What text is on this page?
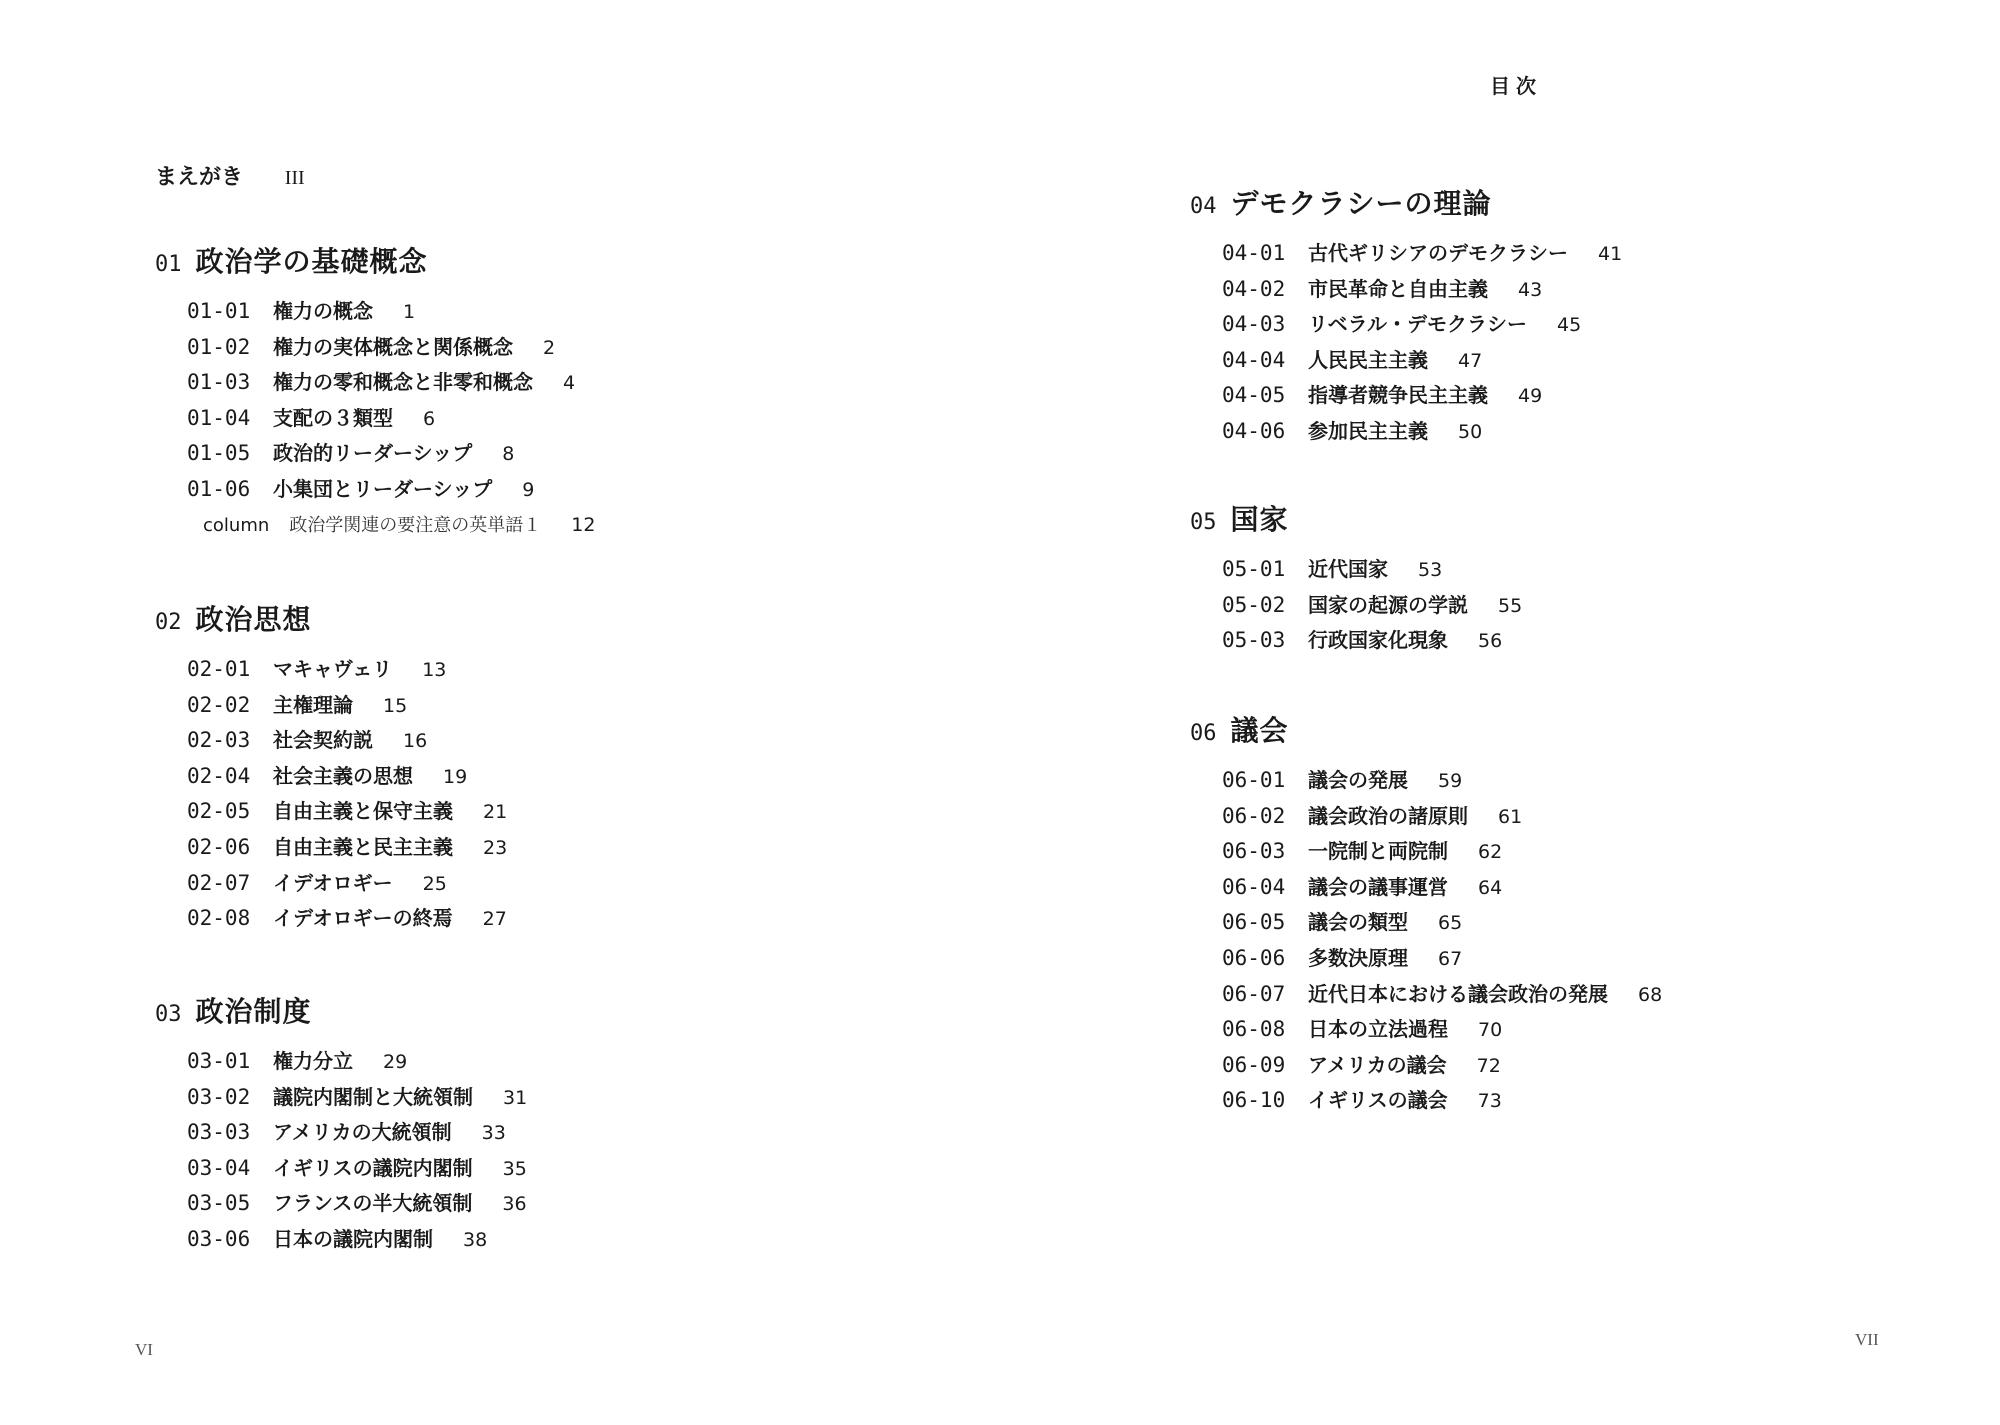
目次
まえがき III
01 政治学の基礎概念
01-01 権力の概念 1
01-02 権力の実体概念と関係概念 2
01-03 権力の零和概念と非零和概念 4
01-04 支配の３類型 6
01-05 政治的リーダーシップ 8
01-06 小集団とリーダーシップ 9
column 政治学関連の要注意の英単語１ 12
02 政治思想
02-01 マキャヴェリ 13
02-02 主権理論 15
02-03 社会契約説 16
02-04 社会主義の思想 19
02-05 自由主義と保守主義 21
02-06 自由主義と民主主義 23
02-07 イデオロギー 25
02-08 イデオロギーの終焉 27
03 政治制度
03-01 権力分立 29
03-02 議院内閣制と大統領制 31
03-03 アメリカの大統領制 33
03-04 イギリスの議院内閣制 35
03-05 フランスの半大統領制 36
03-06 日本の議院内閣制 38
04 デモクラシーの理論
04-01 古代ギリシアのデモクラシー 41
04-02 市民革命と自由主義 43
04-03 リベラル・デモクラシー 45
04-04 人民民主主義 47
04-05 指導者競争民主主義 49
04-06 参加民主主義 50
05 国家
05-01 近代国家 53
05-02 国家の起源の学説 55
05-03 行政国家化現象 56
06 議会
06-01 議会の発展 59
06-02 議会政治の諸原則 61
06-03 一院制と両院制 62
06-04 議会の議事運営 64
06-05 議会の類型 65
06-06 多数決原理 67
06-07 近代日本における議会政治の発展 68
06-08 日本の立法過程 70
06-09 アメリカの議会 72
06-10 イギリスの議会 73
VI
VII
